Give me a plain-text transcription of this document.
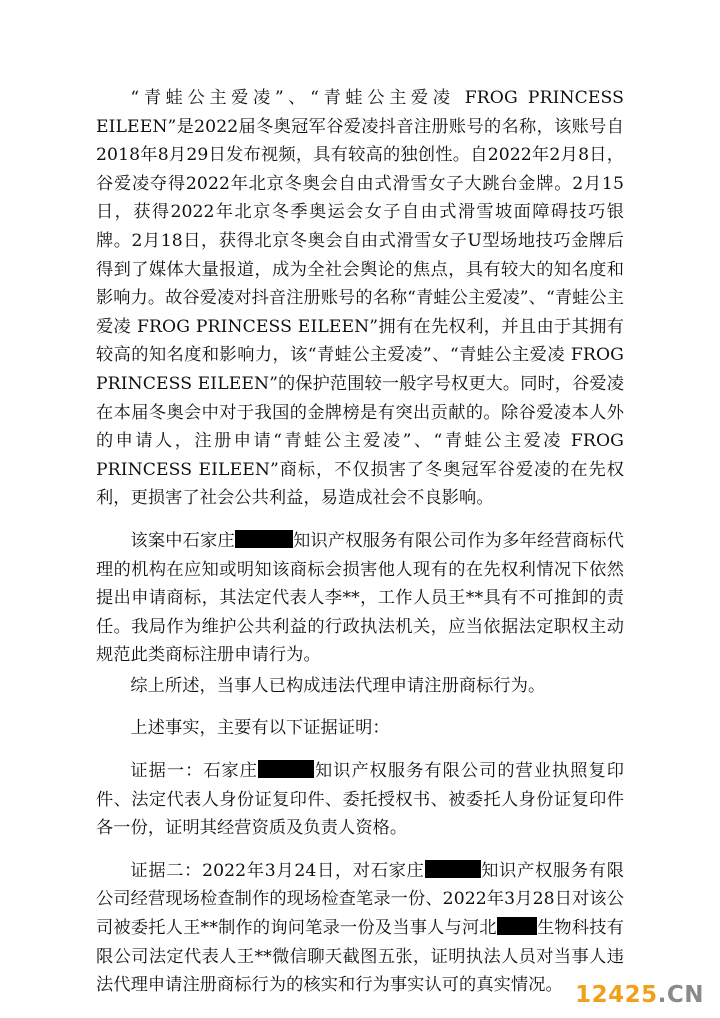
“青蛙公主爱凌”、“青蛙公主爱凌 FROG PRINCESS EILEEN”是2022届冬奥冠军谷爱凌抖音注册账号的名称，该账号自2018年8月29日发布视频，具有较高的独创性。自2022年2月8日，谷爱凌夺得2022年北京冬奥会自由式滑雪女子大跳台金牌。2月15日，获得2022年北京冬季奥运会女子自由式滑雪坡面障碍技巧银牌。2月18日，获得北京冬奥会自由式滑雪女子U型场地技巧金牌后得到了媒体大量报道，成为全社会舆论的焦点，具有较大的知名度和影响力。故谷爱凌对抖音注册账号的名称“青蛙公主爱凌”、“青蛙公主爱凌 FROG PRINCESS EILEEN”拥有在先权利，并且由于其拥有较高的知名度和影响力，该“青蛙公主爱凌”、“青蛙公主爱凌 FROG PRINCESS EILEEN”的保护范围较一般字号权更大。同时，谷爱凌在本届冬奥会中对于我国的金牌榜是有突出贡献的。除谷爱凌本人外的申请人，注册申请“青蛙公主爱凌”、“青蛙公主爱凌 FROG PRINCESS EILEEN”商标，不仅损害了冬奥冠军谷爱凌的在先权利，更损害了社会公共利益，易造成社会不良影响。

该案中石家庄	知识产权服务有限公司作为多年经营商标代理的机构在应知或明知该商标会损害他人现有的在先权利情况下依然提出申请商标，其法定代表人李**，工作人员王**具有不可推卸的责任。我局作为维护公共利益的行政执法机关，应当依据法定职权主动规范此类商标注册申请行为。

综上所述，当事人已构成违法代理申请注册商标行为。

上述事实，主要有以下证据证明：

证据一：石家庄	知识产权服务有限公司的营业执照复印件、法定代表人身份证复印件、委托授权书、被委托人身份证复印件各一份，证明其经营资质及负责人资格。

证据二：2022年3月24日，对石家庄	知识产权服务有限公司经营现场检查制作的现场检查笔录一份、2022年3月28日对该公司被委托人王**制作的询问笔录一份及当事人与河北 生物科技有限公司法定代表人王**微信聊天截图五张，证明执法人员对当事人违法代理申请注册商标行为的核实和行为事实认可的真实情况。 12425.CN
